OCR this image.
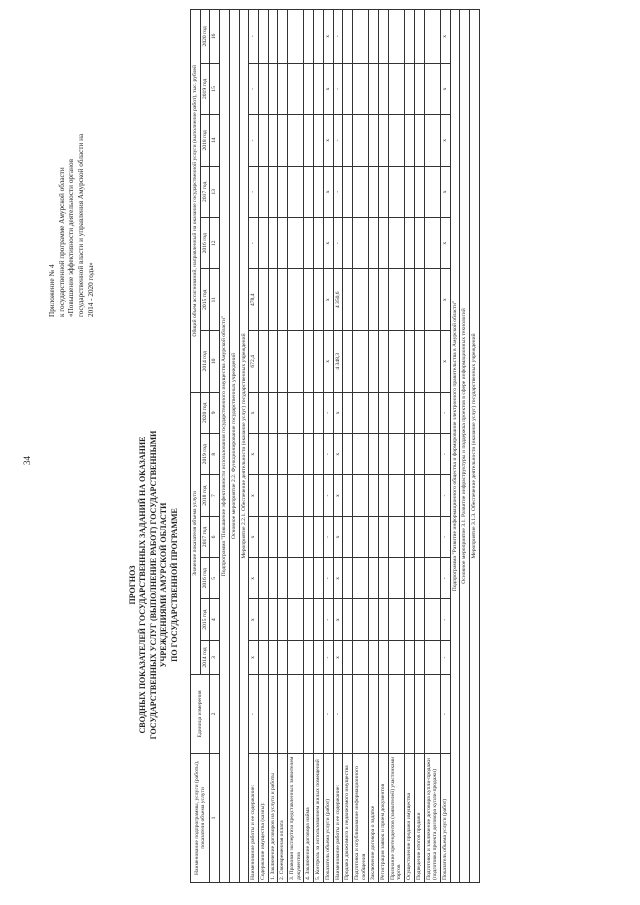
34
Приложение № 4 к государственной программе Амурской области «Повышение эффективности деятельности органов государственной власти и управления Амурской области на 2014 - 2020 годы»
ПРОГНОЗ СВОДНЫХ ПОКАЗАТЕЛЕЙ ГОСУДАРСТВЕННЫХ ЗАДАНИЙ НА ОКАЗАНИЕ ГОСУДАРСТВЕННЫХ УСЛУГ (ВЫПОЛНЕНИЕ РАБОТ) ГОСУДАРСТВЕННЫМИ УЧРЕЖДЕНИЯМИ АМУРСКОЙ ОБЛАСТИ ПО ГОСУДАРСТВЕННОЙ ПРОГРАММЕ
Наименование подпрограммы, услуги (работы), показателя объема услуги	Единица измерения	Значение показателя объема услуги							Общий объем ассигнований, направленный на оказание государственной услуги (выполнение работ), тыс. рублей						
		2014 год	2015 год	2016 год	2017 год	2018 год	2019 год	2020 год	2014 год	2015 год	2016 год	2017 год	2018 год	2019 год	2020 год
1	2	3	4	5	6	7	8	9	10	11	12	13	14	15	16
Подпрограмма "Повышение эффективности использования государственного имущества Амурской области"															
Основное мероприятие 2.2. Функционирование государственных учреждений															
Мероприятие 2.2.1. Обеспечение деятельности (оказание услуг) государственных учреждений															
Наименование работы и ее содержание:	-	x	x	x	x	x	x	x	672,4	478,4	-	-	-	-	-
Содержание имущества (казны):															
1. Заключение договоров на услуги и работы															
2. Своевременная оплата															
3. Правовая экспертиза представленных заявителем документов															
4. Заключение договора найма															
5. Контроль за использованием жилых помещений															
Показатель объема услуги (работ)	-	-	-	-	-	-	-	-	x	x	x	x	x	x	x
Наименование работы и ее содержание:	-	x	x	x	x	x	x	x	4 348,3	4 350,6	-	-	-	-	-
Продажа движимого и недвижимого имущества															
Подготовка и опубликование информационного сообщения															
Заключение договора о задатке															
Регистрация заявок и прием документов															
Признание претендентов (заявителей) участниками торгов															
Осуществление продажи имущества															
Подведение итогов продажи															
Подготовка и заключение договора купли-продажи (подготовка проекта договора купли-продажи)															
Показатель объема услуги (работ)	-	-	-	-	-	-	-	-	x	x	x	x	x	x	x
Подпрограмма "Развитие информационного общества и формирование электронного правительства в Амурской области"															
Основное мероприятие 3.1. Развитие инфраструктуры и поддержка проектов в сфере информационных технологий															
Мероприятие 3.1.3. Обеспечение деятельности (оказание услуг) государственных учреждений															
